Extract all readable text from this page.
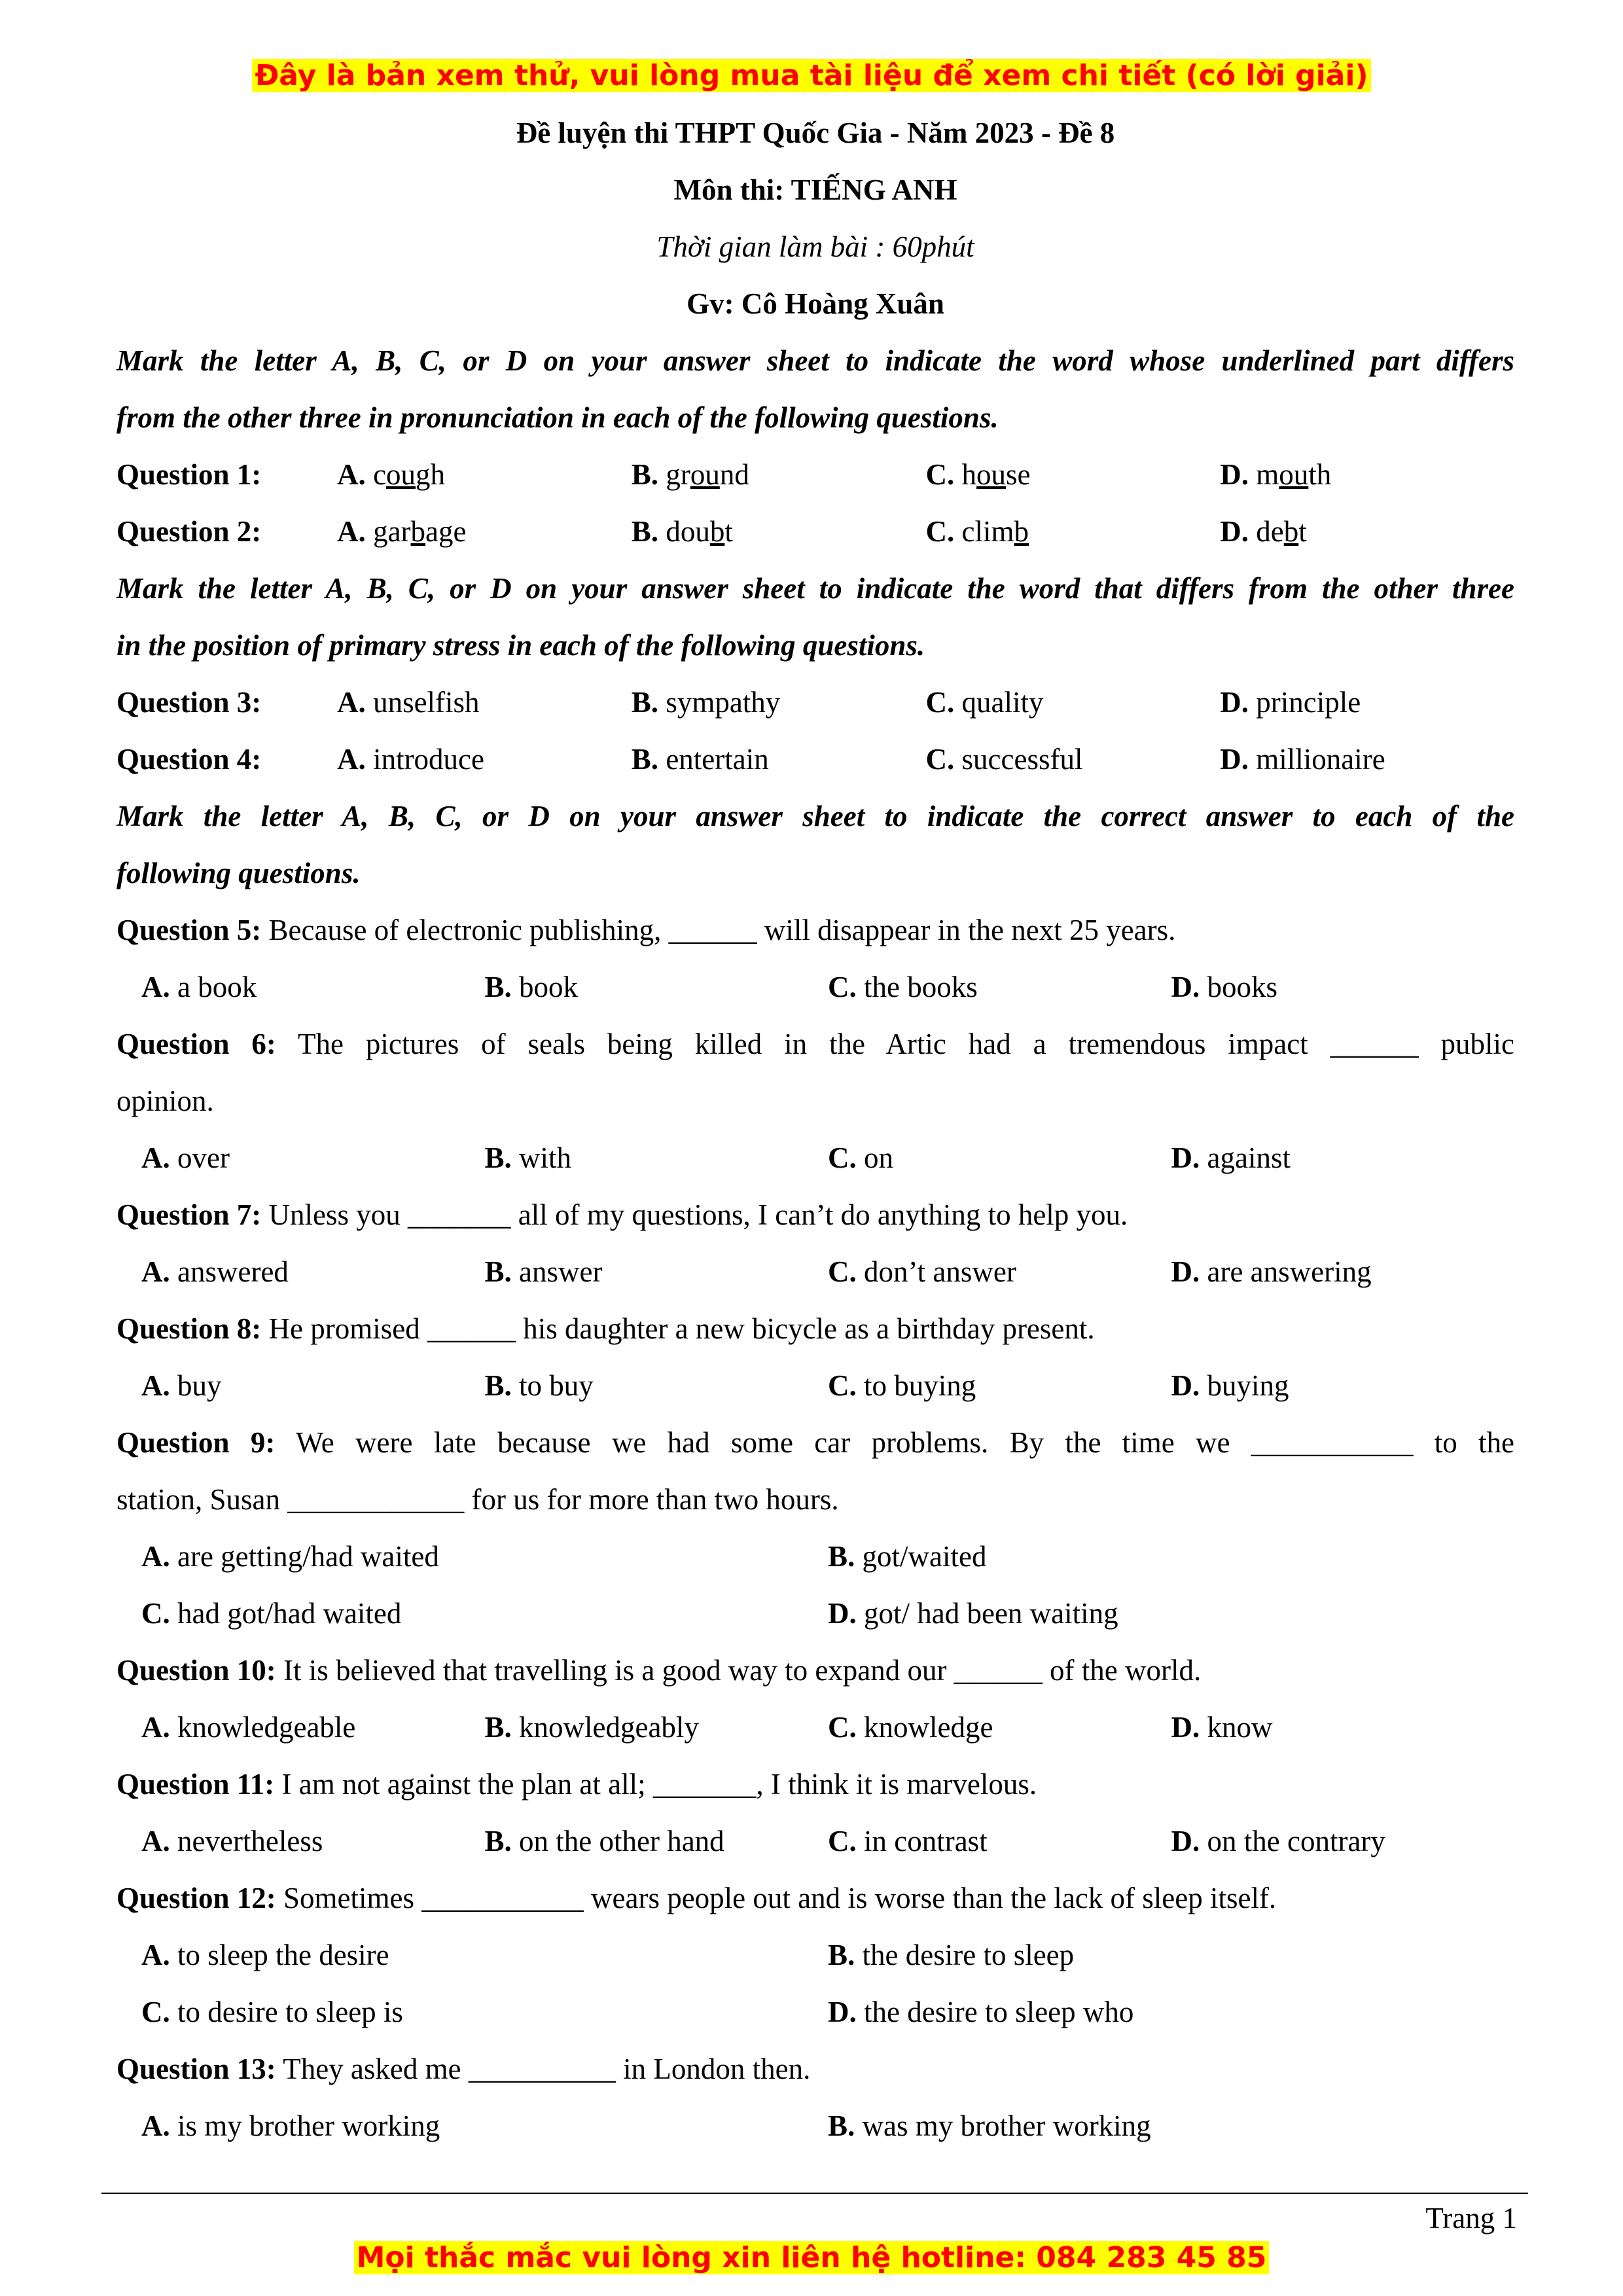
Đây là bản xem thử, vui lòng mua tài liệu để xem chi tiết (có lời giải)
Đề luyện thi THPT Quốc Gia - Năm 2023 - Đề 8
Môn thi: TIẾNG ANH
Thời gian làm bài : 60phút
Gv: Cô Hoàng Xuân
Mark the letter A, B, C, or D on your answer sheet to indicate the word whose underlined part differs
from the other three in pronunciation in each of the following questions.
Question 1:	A. cough	B. ground	C. house	D. mouth
Question 2:	A. garbage	B. doubt	C. climb	D. debt
Mark the letter A, B, C, or D on your answer sheet to indicate the word that differs from the other three
in the position of primary stress in each of the following questions.
Question 3:	A. unselfish	B. sympathy	C. quality	D. principle
Question 4:	A. introduce	B. entertain	C. successful	D. millionaire
Mark the letter A, B, C, or D on your answer sheet to indicate the correct answer to each of the
following questions.
Question 5: Because of electronic publishing, ______ will disappear in the next 25 years.
A. a book	B. book	C. the books	D. books
Question 6: The pictures of seals being killed in the Artic had a tremendous impact ______ public
opinion.
A. over	B. with	C. on	D. against
Question 7: Unless you _______ all of my questions, I can’t do anything to help you.
A. answered	B. answer	C. don’t answer	D. are answering
Question 8: He promised ______ his daughter a new bicycle as a birthday present.
A. buy	B. to buy	C. to buying	D. buying
Question 9: We were late because we had some car problems. By the time we ___________ to the
station, Susan ____________ for us for more than two hours.
A. are getting/had waited	B. got/waited
C. had got/had waited	D. got/ had been waiting
Question 10: It is believed that travelling is a good way to expand our ______ of the world.
A. knowledgeable	B. knowledgeably	C. knowledge	D. know
Question 11: I am not against the plan at all; _______, I think it is marvelous.
A. nevertheless	B. on the other hand	C. in contrast	D. on the contrary
Question 12: Sometimes ___________ wears people out and is worse than the lack of sleep itself.
A. to sleep the desire	B. the desire to sleep
C. to desire to sleep is	D. the desire to sleep who
Question 13: They asked me __________ in London then.
A. is my brother working	B. was my brother working
Trang 1
Mọi thắc mắc vui lòng xin liên hệ hotline: 084 283 45 85
